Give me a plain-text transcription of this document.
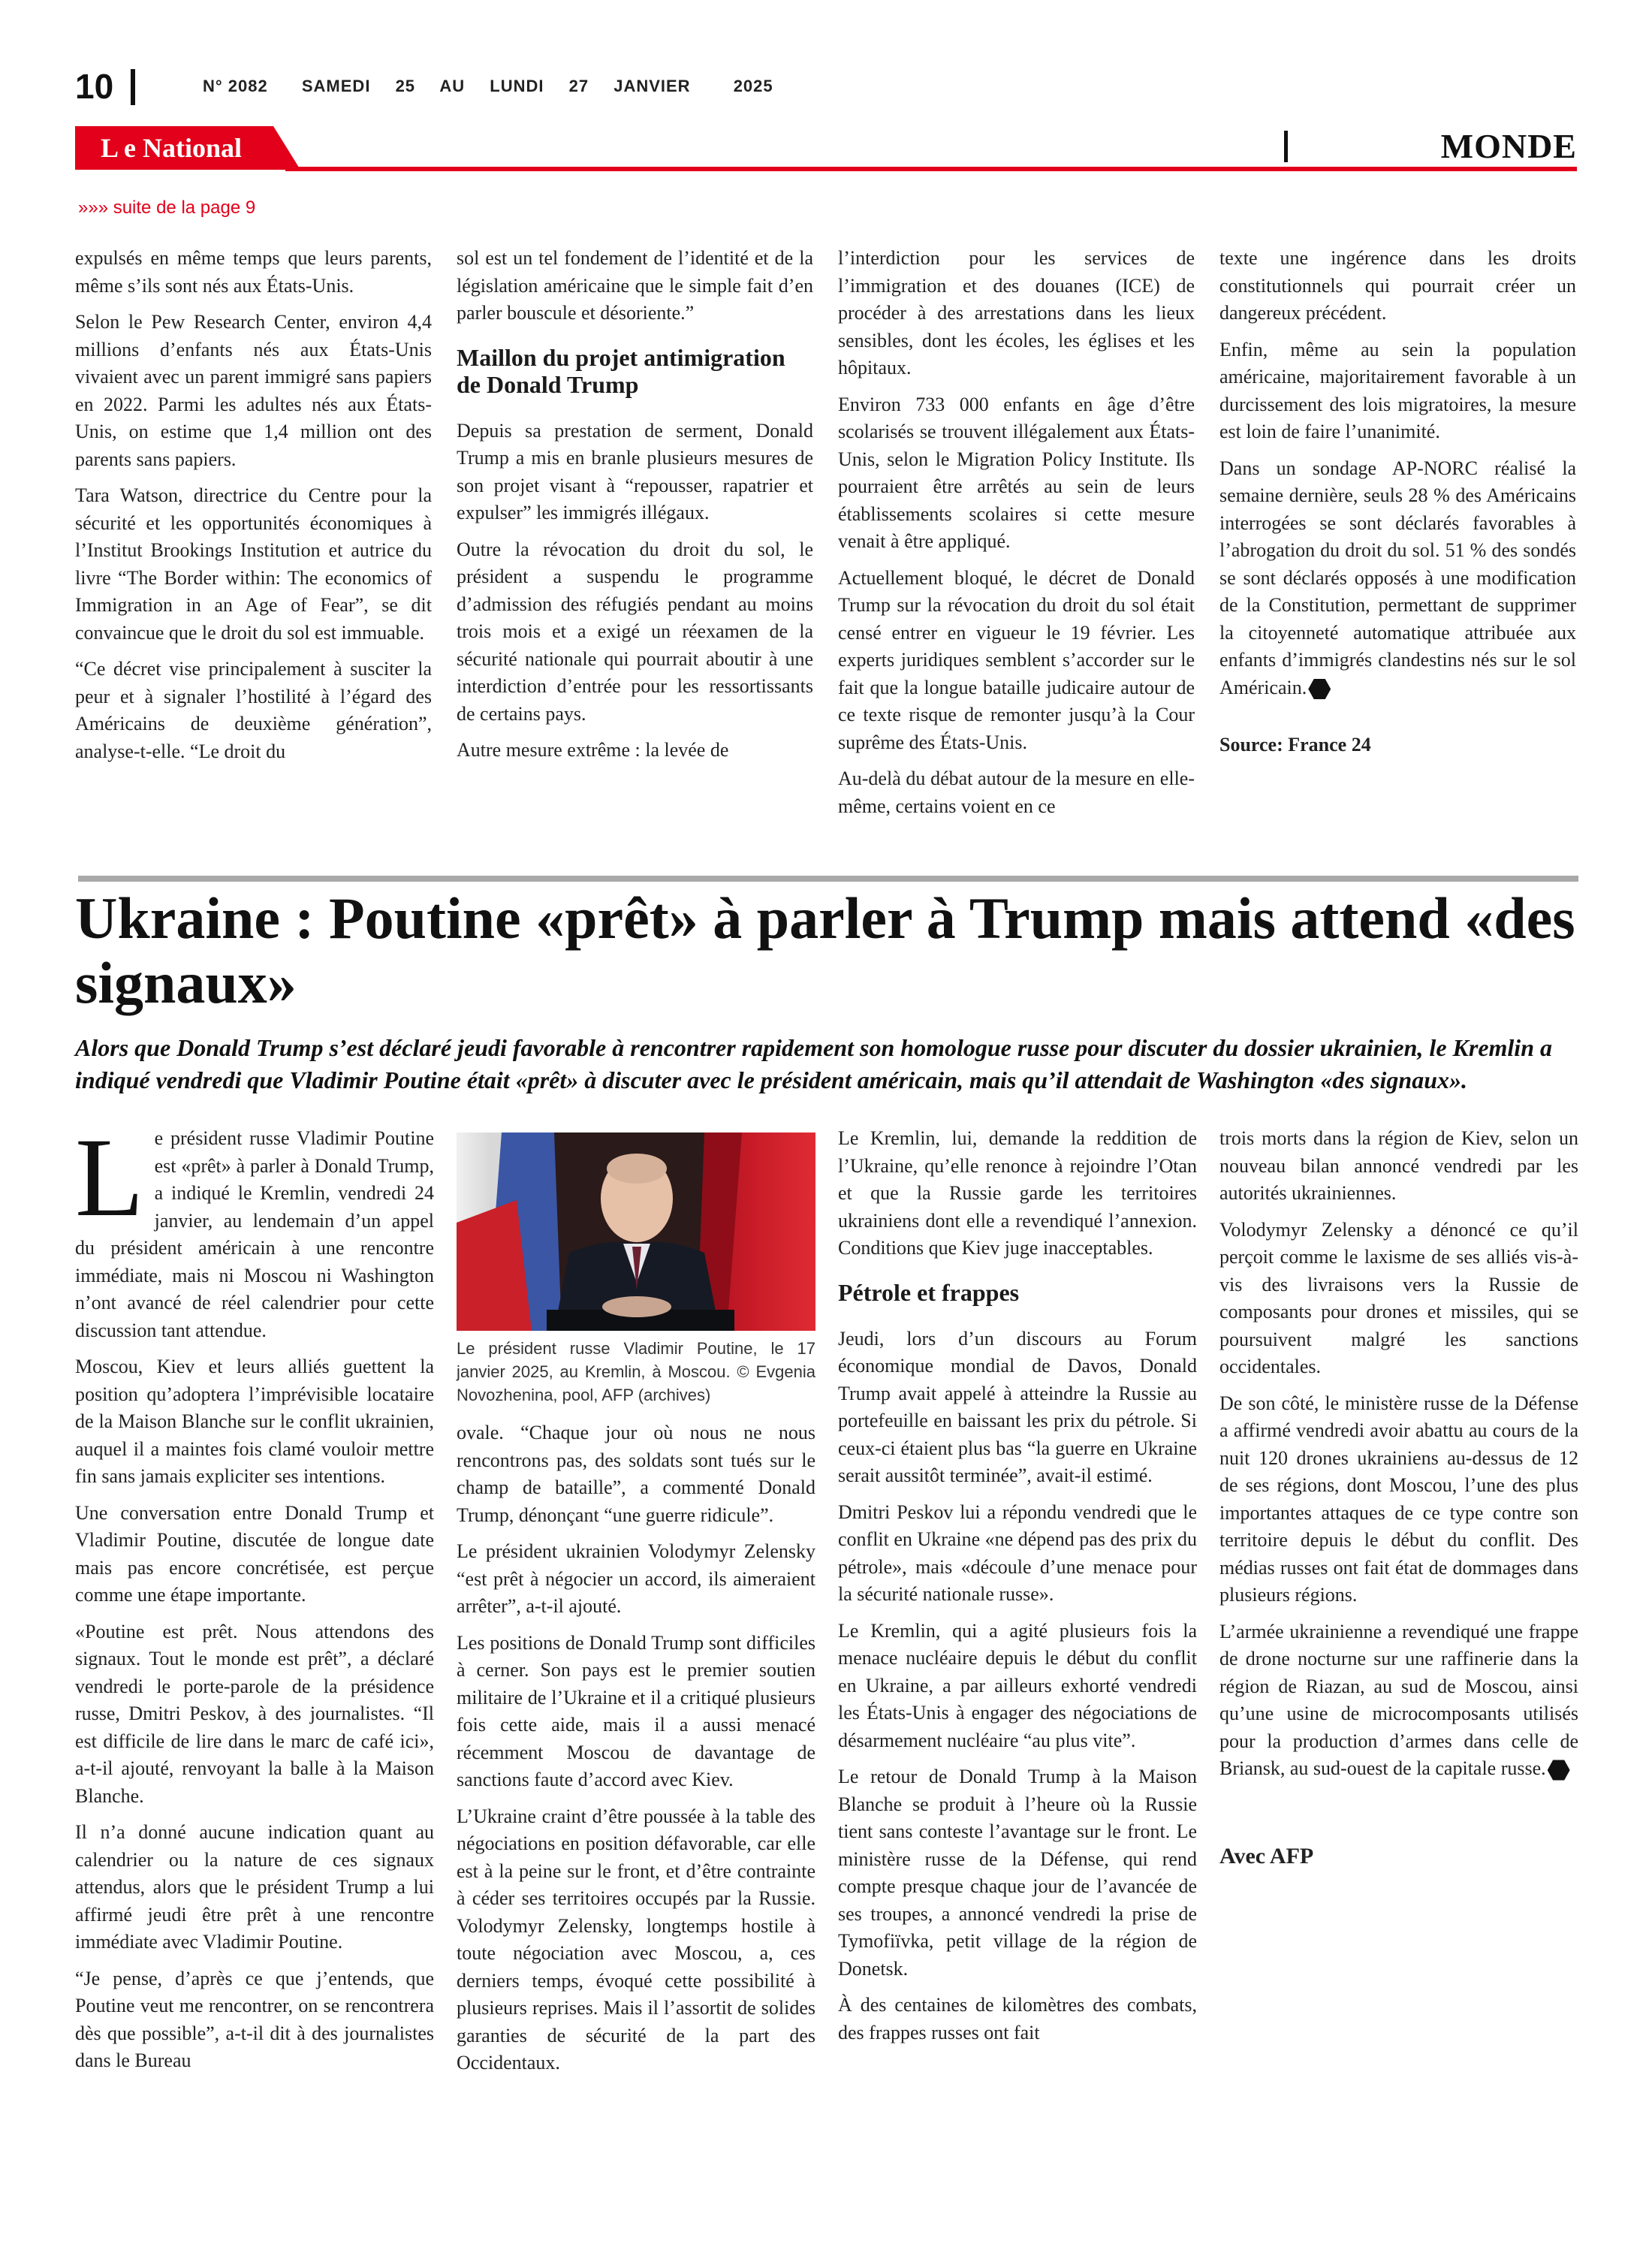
10	N° 2082 SAMEDI 25 AU LUNDI 27 JANVIER	2025
L e National	MONDE
»»» suite de la page 9

expulsés en même temps que leurs parents, même s’ils sont nés aux États-Unis.

Selon le Pew Research Center, environ 4,4 millions d’enfants nés aux États-Unis vivaient avec un parent immigré sans papiers en 2022. Parmi les adultes nés aux États-Unis, on estime que 1,4 million ont des parents sans papiers.

Tara Watson, directrice du Centre pour la sécurité et les opportunités économiques à l’Institut Brookings Institution et autrice du livre “The Border within: The economics of Immigration in an Age of Fear”, se dit convaincue que le droit du sol est immuable.

“Ce décret vise principalement à susciter la peur et à signaler l’hostilité à l’égard des Américains de deuxième génération”, analyse-t-elle. “Le droit du

sol est un tel fondement de l’identité et de la législation américaine que le simple fait d’en parler bouscule et désoriente.”

Maillon du projet antimigration de Donald Trump

Depuis sa prestation de serment, Donald Trump a mis en branle plusieurs mesures de son projet visant à “repousser, rapatrier et expulser” les immigrés illégaux.

Outre la révocation du droit du sol, le président a suspendu le programme d’admission des réfugiés pendant au moins trois mois et a exigé un réexamen de la sécurité nationale qui pourrait aboutir à une interdiction d’entrée pour les ressortissants de certains pays.

Autre mesure extrême : la levée de

l’interdiction pour les services de l’immigration et des douanes (ICE) de procéder à des arrestations dans les lieux sensibles, dont les écoles, les églises et les hôpitaux.

Environ 733 000 enfants en âge d’être scolarisés se trouvent illégalement aux États-Unis, selon le Migration Policy Institute. Ils pourraient être arrêtés au sein de leurs établissements scolaires si cette mesure venait à être appliqué.

Actuellement bloqué, le décret de Donald Trump sur la révocation du droit du sol était censé entrer en vigueur le 19 février. Les experts juridiques semblent s’accorder sur le fait que la longue bataille judicaire autour de ce texte risque de remonter jusqu’à la Cour suprême des États-Unis.

Au-delà du débat autour de la mesure en elle-même, certains voient en ce

texte une ingérence dans les droits constitutionnels qui pourrait créer un dangereux précédent.

Enfin, même au sein la population américaine, majoritairement favorable à un durcissement des lois migratoires, la mesure est loin de faire l’unanimité.

Dans un sondage AP-NORC réalisé la semaine dernière, seuls 28 % des Américains interrogées se sont déclarés favorables à l’abrogation du droit du sol. 51 % des sondés se sont déclarés opposés à une modification de la Constitution, permettant de supprimer la citoyenneté automatique attribuée aux enfants d’immigrés clandestins nés sur le sol Américain.

Source: France 24

Ukraine : Poutine «prêt» à parler à Trump mais attend «des signaux»

Alors que Donald Trump s’est déclaré jeudi favorable à rencontrer rapidement son homologue russe pour discuter du dossier ukrainien, le Kremlin a indiqué vendredi que Vladimir Poutine était «prêt» à discuter avec le président américain, mais qu’il attendait de Washington «des signaux».

Le président russe Vladimir Poutine est «prêt» à parler à Donald Trump, a indiqué le Kremlin, vendredi 24 janvier, au lendemain d’un appel du président américain à une rencontre immédiate, mais ni Moscou ni Washington n’ont avancé de réel calendrier pour cette discussion tant attendue.

Moscou, Kiev et leurs alliés guettent la position qu’adoptera l’imprévisible locataire de la Maison Blanche sur le conflit ukrainien, auquel il a maintes fois clamé vouloir mettre fin sans jamais expliciter ses intentions.

Une conversation entre Donald Trump et Vladimir Poutine, discutée de longue date mais pas encore concrétisée, est perçue comme une étape importante.

«Poutine est prêt. Nous attendons des signaux. Tout le monde est prêt”, a déclaré vendredi le porte-parole de la présidence russe, Dmitri Peskov, à des journalistes. “Il est difficile de lire dans le marc de café ici», a-t-il ajouté, renvoyant la balle à la Maison Blanche.

Il n’a donné aucune indication quant au calendrier ou la nature de ces signaux attendus, alors que le président Trump a lui affirmé jeudi être prêt à une rencontre immédiate avec Vladimir Poutine.

“Je pense, d’après ce que j’entends, que Poutine veut me rencontrer, on se rencontrera dès que possible”, a-t-il dit à des journalistes dans le Bureau

Le président russe Vladimir Poutine, le 17 janvier 2025, au Kremlin, à Moscou. © Evgenia Novozhenina, pool, AFP (archives)

ovale. “Chaque jour où nous ne nous rencontrons pas, des soldats sont tués sur le champ de bataille”, a commenté Donald Trump, dénonçant “une guerre ridicule”.

Le président ukrainien Volodymyr Zelensky “est prêt à négocier un accord, ils aimeraient arrêter”, a-t-il ajouté.

Les positions de Donald Trump sont difficiles à cerner. Son pays est le premier soutien militaire de l’Ukraine et il a critiqué plusieurs fois cette aide, mais il a aussi menacé récemment Moscou de davantage de sanctions faute d’accord avec Kiev.

L’Ukraine craint d’être poussée à la table des négociations en position défavorable, car elle est à la peine sur le front, et d’être contrainte à céder ses territoires occupés par la Russie. Volodymyr Zelensky, longtemps hostile à toute négociation avec Moscou, a, ces derniers temps, évoqué cette possibilité à plusieurs reprises. Mais il l’assortit de solides garanties de sécurité de la part des Occidentaux.

Le Kremlin, lui, demande la reddition de l’Ukraine, qu’elle renonce à rejoindre l’Otan et que la Russie garde les territoires ukrainiens dont elle a revendiqué l’annexion. Conditions que Kiev juge inacceptables.

Pétrole et frappes

Jeudi, lors d’un discours au Forum économique mondial de Davos, Donald Trump avait appelé à atteindre la Russie au portefeuille en baissant les prix du pétrole. Si ceux-ci étaient plus bas “la guerre en Ukraine serait aussitôt terminée”, avait-il estimé.

Dmitri Peskov lui a répondu vendredi que le conflit en Ukraine «ne dépend pas des prix du pétrole», mais «découle d’une menace pour la sécurité nationale russe».

Le Kremlin, qui a agité plusieurs fois la menace nucléaire depuis le début du conflit en Ukraine, a par ailleurs exhorté vendredi les États-Unis à engager des négociations de désarmement nucléaire “au plus vite”.

Le retour de Donald Trump à la Maison Blanche se produit à l’heure où la Russie tient sans conteste l’avantage sur le front. Le ministère russe de la Défense, qui rend compte presque chaque jour de l’avancée de ses troupes, a annoncé vendredi la prise de Tymofiïvka, petit village de la région de Donetsk.

À des centaines de kilomètres des combats, des frappes russes ont fait

trois morts dans la région de Kiev, selon un nouveau bilan annoncé vendredi par les autorités ukrainiennes.

Volodymyr Zelensky a dénoncé ce qu’il perçoit comme le laxisme de ses alliés vis-à-vis des livraisons vers la Russie de composants pour drones et missiles, qui se poursuivent malgré les sanctions occidentales.

De son côté, le ministère russe de la Défense a affirmé vendredi avoir abattu au cours de la nuit 120 drones ukrainiens au-dessus de 12 de ses régions, dont Moscou, l’une des plus importantes attaques de ce type contre son territoire depuis le début du conflit. Des médias russes ont fait état de dommages dans plusieurs régions.

L’armée ukrainienne a revendiqué une frappe de drone nocturne sur une raffinerie dans la région de Riazan, au sud de Moscou, ainsi qu’une usine de microcomposants utilisés pour la production d’armes dans celle de Briansk, au sud-ouest de la capitale russe.

Avec AFP
